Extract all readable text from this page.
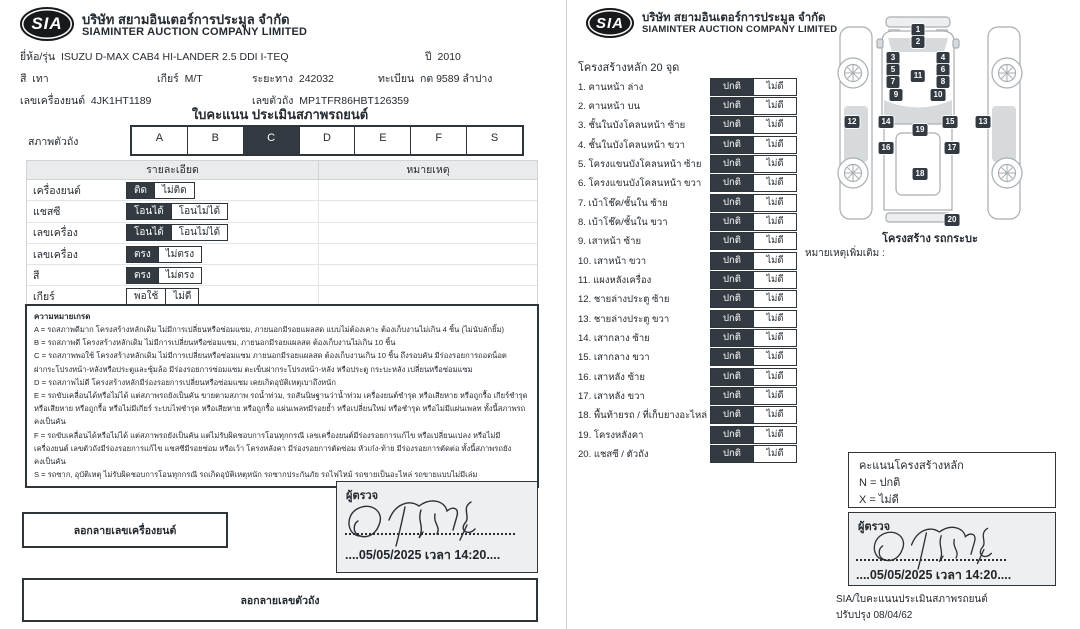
SIA บริษัท สยามอินเตอร์การประมูล จำกัด
SIAMINTER AUCTION COMPANY LIMITED
ยี่ห้อ/รุ่น ISUZU D-MAX CAB4 HI-LANDER 2.5 DDI I-TEQ	ปี 2010
สี เทา	เกียร์ M/T	ระยะทาง 242032	ทะเบียน กต 9589 ลำปาง
เลขเครื่องยนต์ 4JK1HT1189	เลขตัวถัง MP1TFR86HBT126359
ใบคะแนน ประเมินสภาพรถยนต์
สภาพตัวถัง	A	B	C	D	E	F	S
รายละเอียด	หมายเหตุ
เครื่องยนต์	ติด	ไม่ติด
แชสซี	โอนได้	โอนไม่ได้
เลขเครื่อง	โอนได้	โอนไม่ได้
เลขเครื่อง	ตรง	ไม่ตรง
สี	ตรง	ไม่ตรง
เกียร์	พอใช้	ไม่ดี
ความหมายเกรด
A = รถสภาพดีมาก โครงสร้างหลักเดิม ไม่มีการเปลี่ยนหรือซ่อมแซม, ภายนอกมีรอยแผลสด แบบไม่ต้องเคาะ ต้องเก็บงานไม่เกิน 4 ชิ้น (ไม่นับลักยิ้ม)
B = รถสภาพดี โครงสร้างหลักเดิม ไม่มีการเปลี่ยนหรือซ่อมแซม, ภายนอกมีรอยแผลสด ต้องเก็บงานไม่เกิน 10 ชิ้น
C = รถสภาพพอใช้ โครงสร้างหลักเดิม ไม่มีการเปลี่ยนหรือซ่อมแซม ภายนอกมีรอยแผลสด ต้องเก็บงานเกิน 10 ชิ้น ถึงรอบคัน มีร่องรอยการถอดน็อต
ฝากระโปรงหน้า-หลังหรือประตูและซุ้มล้อ มีร่องรอยการซ่อมแซม ตะเข็บฝากระโปรงหน้า-หลัง หรือประตู กระบะหลัง เปลี่ยนหรือซ่อมแซม
D = รถสภาพไม่ดี โครงสร้างหลักมีร่องรอยการเปลี่ยนหรือซ่อมแซม เคยเกิดอุบัติเหตุเบาถึงหนัก
E = รถขับเคลื่อนได้หรือไม่ได้ แต่สภาพรถยังเป็นคัน ขายตามสภาพ รถน้ำท่วม, รถสันนิษฐานว่าน้ำท่วม เครื่องยนต์ชำรุด หรือเสียหาย หรือถูกรื้อ เกียร์ชำรุด
หรือเสียหาย หรือถูกรื้อ หรือไม่มีเกียร์ ระบบไฟชำรุด หรือเสียหาย หรือถูกรื้อ แผ่นเพลทมีรอยย้ำ หรือเปลี่ยนใหม่ หรือชำรุด หรือไม่มีแผ่นเพลท ทั้งนี้สภาพรถ
คงเป็นคัน
F = รถขับเคลื่อนได้หรือไม่ได้ แต่สภาพรถยังเป็นคัน แต่ไม่รับผิดชอบการโอนทุกกรณี เลขเครื่องยนต์มีร่องรอยการแก้ไข หรือเปลี่ยนแปลง หรือไม่มี
เครื่องยนต์ เลขตัวถังมีร่องรอยการแก้ไข แชสซีมีรอยซ่อม หรือเว้า โครงหลังคา มีร่องรอยการตัดซ่อม หัวเก๋ง-ท้าย มีร่องรอยการตัดต่อ ทั้งนี้สภาพรถยัง
คงเป็นคัน
S = รถซาก, อุบัติเหตุ ไม่รับผิดชอบการโอนทุกกรณี รถเกิดอุบัติเหตุหนัก รถซากประกันภัย รถไฟไหม้ รถขายเป็นอะไหล่ รถขายแบบไม่มีเล่ม
ลอกลายเลขเครื่องยนต์
ผู้ตรวจ
....05/05/2025 เวลา 14:20....
ลอกลายเลขตัวถัง
SIA บริษัท สยามอินเตอร์การประมูล จำกัด
SIAMINTER AUCTION COMPANY LIMITED
โครงสร้างหลัก 20 จุด
1. คานหน้า ล่าง	ปกติ	ไม่ดี
2. คานหน้า บน	ปกติ	ไม่ดี
3. ชั้นในบังโคลนหน้า ซ้าย	ปกติ	ไม่ดี
4. ชั้นในบังโคลนหน้า ขวา	ปกติ	ไม่ดี
5. โครงแขนบังโคลนหน้า ซ้าย	ปกติ	ไม่ดี
6. โครงแขนบังโคลนหน้า ขวา	ปกติ	ไม่ดี
7. เบ้าโช๊ค/ชั้นใน ซ้าย	ปกติ	ไม่ดี
8. เบ้าโช๊ค/ชั้นใน ขวา	ปกติ	ไม่ดี
9. เสาหน้า ซ้าย	ปกติ	ไม่ดี
10. เสาหน้า ขวา	ปกติ	ไม่ดี
11. แผงหลังเครื่อง	ปกติ	ไม่ดี
12. ชายล่างประตู ซ้าย	ปกติ	ไม่ดี
13. ชายล่างประตู ขวา	ปกติ	ไม่ดี
14. เสากลาง ซ้าย	ปกติ	ไม่ดี
15. เสากลาง ขวา	ปกติ	ไม่ดี
16. เสาหลัง ซ้าย	ปกติ	ไม่ดี
17. เสาหลัง ขวา	ปกติ	ไม่ดี
18. พื้นท้ายรถ / ที่เก็บยางอะไหล่	ปกติ	ไม่ดี
19. โครงหลังคา	ปกติ	ไม่ดี
20. แชสซี / ตัวถัง	ปกติ	ไม่ดี
1
2
3	4
5	6
7	8
9	10
11
12	13
14	15
16	17
18
19
20
โครงสร้าง รถกระบะ
หมายเหตุเพิ่มเติม :
คะแนนโครงสร้างหลัก
N = ปกติ
X = ไม่ดี
ผู้ตรวจ
....05/05/2025 เวลา 14:20....
SIA/ใบคะแนนประเมินสภาพรถยนต์
ปรับปรุง 08/04/62
